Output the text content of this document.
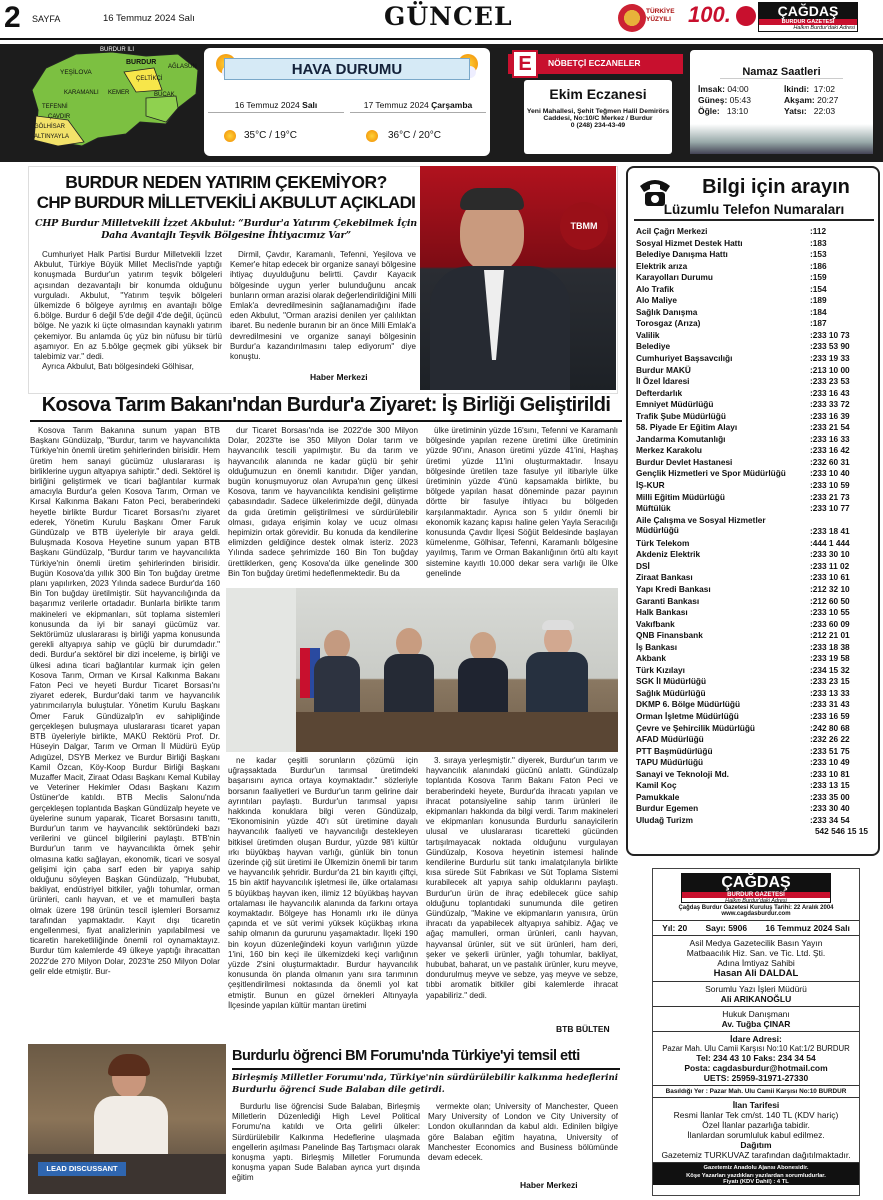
2 SAYFA	16 Temmuz 2024 Salı	GÜNCEL	TÜRKİYE YÜZYILI 100.	ÇAĞDAŞ
BURDUR GAZETESİ
Halkın Burdur'daki Adresi
BURDUR İLİ
YEŞİLOVA
BURDUR
AĞLASUN
ÇELTİKÇİ
KARAMANLI KEMER	BUCAK
TEFENNİ
ÇAVDIR
GÖLHİSAR
ALTINYAYLA
HAVA DURUMU
16 Temmuz 2024 Salı	17 Temmuz 2024 Çarşamba
35°C / 19°C	36°C / 20°C
E	NÖBETÇİ ECZANELER
Ekim Eczanesi
Yeni Mahallesi, Şehit Teğmen Halil Demirörs
Caddesi, No:10/C Merkez / Burdur
0 (248) 234-43-49
Namaz Saatleri
İmsak: 04:00
Güneş: 05:43
Öğle: 13:10
İkindi: 17:02
Akşam: 20:27
Yatsı: 22:03
TBMM
BURDUR NEDEN YATIRIM ÇEKEMİYOR?
CHP BURDUR MİLLETVEKİLİ AKBULUT AÇIKLADI
CHP Burdur Milletvekili İzzet Akbulut: “Burdur'a Yatırım Çekebilmek İçin Daha Avantajlı Teşvik Bölgesine İhtiyacımız Var”

Cumhuriyet Halk Partisi Burdur Milletvekili İzzet Akbulut, Türkiye Büyük Millet Meclisi'nde yaptığı konuşmada Burdur'un yatırım teşvik bölgeleri açısından dezavantajlı bir konumda olduğunu vurguladı. Akbulut, "Yatırım teşvik bölgeleri ülkemizde 6 bölgeye ayrılmış en avantajlı bölge 6.bölge. Burdur 6 değil 5'de değil 4'de değil, üçüncü bölge. Ne yazık ki üçte olmasından kaynaklı yatırım çekemiyor. Bu anlamda üç yüz bin nüfusu bir türlü aşamıyor. En az 5.bölge geçmek gibi yüksek bir talebimiz var." dedi.

Ayrıca Akbulut, Batı bölgesindeki Gölhisar,

Dirmil, Çavdır, Karamanlı, Tefenni, Yeşilova ve Kemer'e hitap edecek bir organize sanayi bölgesine ihtiyaç duyulduğunu belirtti. Çavdır Kayacık bölgesinde uygun yerler bulunduğunu ancak bunların orman arazisi olarak değerlendirildiğini Milli Emlak'a devredilmesinin sağlanamadığını ifade eden Akbulut, "Orman arazisi denilen yer çalılıktan ibaret. Bu nedenle buranın bir an önce Milli Emlak'a devredilmesini ve organize sanayi bölgesinin Burdur'a kazandırılmasını talep ediyorum" diye konuştu.

Haber Merkezi
Bilgi için arayın
Lüzumlu Telefon Numaraları
Acil Çağrı Merkezi	:112
Sosyal Hizmet Destek Hattı	:183
Belediye Danışma Hattı	:153
Elektrik arıza	:186
Karayolları Durumu	:159
Alo Trafik	:154
Alo Maliye	:189
Sağlık Danışma	:184
Torosgaz (Arıza)	:187
Valilik	:233 10 73
Belediye	:233 53 90
Cumhuriyet Başsavcılığı	:233 19 33
Burdur MAKÜ	:213 10 00
İl Özel İdaresi	:233 23 53
Defterdarlık	:233 16 43
Emniyet Müdürlüğü	:233 33 72
Trafik Şube Müdürlüğü	:233 16 39
58. Piyade Er Eğitim Alayı	:233 21 54
Jandarma Komutanlığı	:233 16 33
Merkez Karakolu	:233 16 42
Burdur Devlet Hastanesi	:232 60 31
Gençlik Hizmetleri ve Spor Müdürlüğü	:233 10 40
İŞ-KUR	:233 10 59
Milli Eğitim Müdürlüğü	:233 21 73
Müftülük	:233 10 77
Aile Çalışma ve Sosyal Hizmetler Müdürlüğü	:233 18 41
Türk Telekom	:444 1 444
Akdeniz Elektrik	:233 30 10
DSİ	:233 11 02
Ziraat Bankası	:233 10 61
Yapı Kredi Bankası	:212 32 10
Garanti Bankası	:212 60 50
Halk Bankası	:233 10 55
Vakıfbank	:233 60 09
QNB Finansbank	:212 21 01
İş Bankası	:233 18 38
Akbank	:233 19 58
Türk Kızılayı	:234 15 32
SGK İl Müdürlüğü	:233 23 15
Sağlık Müdürlüğü	:233 13 33
DKMP 6. Bölge Müdürlüğü	:233 31 43
Orman İşletme Müdürlüğü	:233 16 59
Çevre ve Şehircilik Müdürlüğü	:242 80 68
AFAD Müdürlüğü	:232 26 22
PTT Başmüdürlüğü	:233 51 75
TAPU Müdürlüğü	:233 10 49
Sanayi ve Teknoloji Md.	:233 10 81
Kamil Koç	:233 13 15
Pamukkale	:233 35 00
Burdur Egemen	:233 30 40
Uludağ Turizm	:233 34 54
542 546 15 15
ÇAĞDAŞ
BURDUR GAZETESİ
Halkın Burdur'daki Adresi
Çağdaş Burdur Gazetesi Kuruluş Tarihi: 22 Aralık 2004
www.cagdasburdur.com
Yıl: 20 Sayı: 5906 16 Temmuz 2024 Salı
Asil Medya Gazetecilik Basın Yayın
Matbaacılık Hiz. San. ve Tic. Ltd. Şti.
Adına İmtiyaz Sahibi
Hasan Ali DALDAL
Sorumlu Yazı İşleri Müdürü
Ali ARIKANOĞLU
Hukuk Danışmanı
Av. Tuğba ÇINAR
İdare Adresi:
Pazar Mah. Ulu Camii Karşısı No:10 Kat:1/2 BURDUR
Tel: 234 43 10 Faks: 234 34 54
Posta: cagdasburdur@hotmail.com
UETS: 25959-31971-27330
Basıldığı Yer : Pazar Mah. Ulu Camii Karşısı No:10 BURDUR
İlan Tarifesi
Resmi İlanlar Tek cm/st. 140 TL (KDV hariç)
Özel İlanlar pazarlığa tabidir.
İlanlardan sorumluluk kabul edilmez.
Dağıtım
Gazetemiz TURKUVAZ tarafından dağıtılmaktadır.
Gazetemiz Anadolu Ajansı Abonesidir.
Köşe Yazarları yazdıkları yazılardan sorumludurlar.
Fiyatı (KDV Dahil) : 4 TL
Kosova Tarım Bakanı'ndan Burdur'a Ziyaret: İş Birliği Geliştirildi

Kosova Tarım Bakanına sunum yapan BTB Başkanı Gündüzalp, "Burdur, tarım ve hayvancılıkta Türkiye'nin önemli üretim şehirlerinden birisidir. Hem üretim hem sanayi gücümüz uluslararası iş birliklerine uygun altyapıya sahiptir." dedi. Sektörel iş birliğini geliştirmek ve ticari bağlantılar kurmak amacıyla Burdur'a gelen Kosova Tarım, Orman ve Kırsal Kalkınma Bakanı Faton Peci, beraberindeki heyetle birlikte Burdur Ticaret Borsası'nı ziyaret ederek, Yönetim Kurulu Başkanı Ömer Faruk Gündüzalp ve BTB üyeleriyle bir araya geldi. Buluşmada Kosova Heyetine sunum yapan BTB Başkanı Gündüzalp, "Burdur tarım ve hayvancılıkta Türkiye'nin önemli üretim şehirlerinden birisidir. Bugün Kosova'da yıllık 300 Bin Ton buğday üretme planı yapılırken, 2023 Yılında sadece Burdur'da 160 Bin Ton buğday üretilmiştir. Süt hayvancılığında da başarımız verilerle ortadadır. Bunlarla birlikte tarım makineleri ve ekipmanları, süt toplama sistemleri konusunda da iyi bir sanayi gücümüz var. Sektörümüz uluslararası iş birliği yapma konusunda gerekli altyapıya sahip ve güçlü bir durumdadır." dedi. Burdur'a sektörel bir dizi inceleme, iş birliği ve ülkesi adına ticari bağlantılar kurmak için gelen Kosova Tarım, Orman ve Kırsal Kalkınma Bakanı Faton Peci ve heyeti Burdur Ticaret Borsası'nı ziyaret ederek, Burdur'daki tarım ve hayvancılık yatırımcılarıyla buluştular. Yönetim Kurulu Başkanı Ömer Faruk Gündüzalp'in ev sahipliğinde gerçekleşen buluşmaya uluslararası ticaret yapan BTB üyeleriyle birlikte, MAKÜ Rektörü Prof. Dr. Hüseyin Dalgar, Tarım ve Orman İl Müdürü Eyüp Adıgüzel, DSYB Merkez ve Burdur Birliği Başkanı Kamil Özcan, Köy-Koop Burdur Birliği Başkanı Muzaffer Macit, Ziraat Odası Başkanı Kemal Kubilay ve Veteriner Hekimler Odası Başkanı Kazım Üstüner'de katıldı. BTB Meclis Salonu'nda gerçekleşen toplantıda Başkan Gündüzalp heyete ve üyelerine sunum yaparak, Ticaret Borsasını tanıttı, Burdur'un tarım ve hayvancılık sektöründeki bazı verilerini ve güncel bilgilerini paylaştı. BTB'nin Burdur'un tarım ve hayvancılıkta örnek şehir olmasına katkı sağlayan, ekonomik, ticari ve sosyal gelişimi için çaba sarf eden bir yapıya sahip olduğunu söyleyen Başkan Gündüzalp, "Hububat, bakliyat, endüstriyel bitkiler, yağlı tohumlar, orman ürünleri, canlı hayvan, et ve et mamulleri başta olmak üzere 198 ürünün tescil işlemleri Borsamız tarafından yapmaktadır. Kayıt dışı ticaretin engellenmesi, fiyat analizlerinin yapılabilmesi ve ticaretin hareketliliğinde önemli rol oynamaktayız. Burdur tüm kalemlerde 49 ülkeye yaptığı ihracattan 2022'de 270 Milyon Dolar, 2023'te 250 Milyon Dolar gelir elde etmiştir. Bur-

dur Ticaret Borsası'nda ise 2022'de 300 Milyon Dolar, 2023'te ise 350 Milyon Dolar tarım ve hayvancılık tescili yapılmıştır. Bu da tarım ve hayvancılık alanında ne kadar güçlü bir şehir olduğumuzun en önemli kanıtıdır. Diğer yandan, bugün konuşmuyoruz olan Avrupa'nın genç ülkesi Kosova, tarım ve hayvancılıkta kendisini geliştirme çabasındadır. Sadece ülkelerimizde değil, dünyada da gıda üretimin geliştirilmesi ve sürdürülebilir olması, gıdaya erişimin kolay ve ucuz olması hepimizin ortak görevidir. Bu konuda da kendilerine elimizden geldiğince destek olmak isteriz. 2023 Yılında sadece şehrimizde 160 Bin Ton buğday ürettiklerken, genç Kosova'da ülke genelinde 300 Bin Ton buğday üretimi hedeflenmektedir. Bu da

ülke üretiminin yüzde 16'sını, Tefenni ve Karamanlı bölgesinde yapılan rezene üretimi ülke üretiminin yüzde 90'ını, Anason üretimi yüzde 41'ini, Haşhaş üretimi yüzde 11'ini oluşturmaktadır. İnsayu bölgesinde üretilen taze fasulye yıl itibariyle ülke üretiminin yüzde 4'ünü kapsamakla birlikte, bu bölgede yapılan hasat döneminde pazar payının dörtte bir fasulye ihtiyacı bu bölgeden karşılanmaktadır. Ayrıca son 5 yıldır önemli bir ekonomik kazanç kapısı haline gelen Yayla Seracılığı konusunda Çavdır İlçesi Söğüt Beldesinde başlayan kümelenme, Gölhisar, Tefenni, Karamanlı bölgesine yayılmış, Tarım ve Orman Bakanlığının örtü altı kayıt sistemine kayıtlı 10.000 dekar sera varlığı ile Ülke genelinde

ne kadar çeşitli sorunların çözümü için uğraşsaktada Burdur'un tarımsal üretimdeki başarısını ayrıca ortaya koymaktadır." sözleriyle borsanın faaliyetleri ve Burdur'un tarım gelirine dair ayrıntıları paylaştı. Burdur'un tarımsal yapısı hakkında konuklara bilgi veren Gündüzalp, "Ekonomisinin yüzde 40'ı süt üretimine dayalı hayvancılık faaliyeti ve hayvancılığı destekleyen bitkisel üretimden oluşan Burdur, yüzde 98'i kültür ırkı büyükbaş hayvan varlığı, günlük bin tonun üzerinde çiğ süt üretimi ile Ülkemizin önemli bir tarım ve hayvancılık şehridir. Burdur'da 21 bin kayıtlı çiftçi, 15 bin aktif hayvancılık işletmesi ile, ülke ortalaması 5 büyükbaş hayvan iken, ilimiz 12 büyükbaş hayvan ortalaması ile hayvancılık alanında da farkını ortaya koymaktadır. Bölgeye has Honamlı ırkı ile dünya çapında et ve süt verimi yüksek küçükbaş ırkına sahip olmanın da gururunu yaşamaktadır. İlçeki 190 bin koyun düzenleğindeki koyun varlığının yüzde 1'ini, 160 bin keçi ile ülkemizdeki keçi varlığının yüzde 2'sini oluşturmaktadır. Burdur hayvancılık konusunda ön planda olmanın yanı sıra tarımının çeşitlendirilmesi noktasında da önemli yol kat etmiştir. Bunun en güzel örnekleri Altınyayla İlçesinde yapılan kültür mantarı üretimi

3. sıraya yerleşmiştir." diyerek, Burdur'un tarım ve hayvancılık alanındaki gücünü anlattı. Gündüzalp toplantıda Kosova Tarım Bakanı Faton Peci ve beraberindeki heyete, Burdur'da ihracatı yapılan ve ihracat potansiyeline sahip tarım ürünleri ile ekipmanları hakkında da bilgi verdi. Tarım makineleri ve ekipmanları konusunda Burdurlu sanayicilerin ulusal ve uluslararası ticaretteki gücünden tartışılmayacak noktada olduğunu vurgulayan Gündüzalp, Kosova heyetinin istemesi halinde kendilerine Burdurlu süt tankı imalatçılarıyla birlikte kısa sürede Süt Fabrikası ve Süt Toplama Sistemi kurabilecek alt yapıya sahip olduklarını paylaştı. Burdur'un ürün de ihraç edebilecek güce sahip olduğunu toplantıdaki sunumunda dile getiren Gündüzalp, "Makine ve ekipmanların yanısıra, ürün ihracatı da yapabilecek altyapıya sahibiz. Ağaç ve ağaç mamulleri, orman ürünleri, canlı hayvan, hayvansal ürünler, süt ve süt ürünleri, ham deri, şeker ve şekerli ürünler, yağlı tohumlar, bakliyat, hububat, baharat, un ve pastalık ürünler, kuru meyve, dondurulmuş meyve ve sebze, yaş meyve ve sebze, tıbbi aromatik bitkiler gibi kalemlerde ihracat yapabiliriz." dedi.

BTB BÜLTEN
LEAD DISCUSSANT
Burdurlu öğrenci BM Forumu'nda Türkiye'yi temsil etti
Birleşmiş Milletler Forumu'nda, Türkiye'nin sürdürülebilir kalkınma hedeflerini Burdurlu öğrenci Sude Balaban dile getirdi.

Burdurlu lise öğrencisi Sude Balaban, Birleşmiş Milletlerin Düzenlediği High Level Political Forumu'na katıldı ve Orta gelirli ülkeler: Sürdürülebilir Kalkınma Hedeflerine ulaşmada engellerin aşılması Panelinde Baş Tartışmacı olarak konuşma yaptı. Birleşmiş Milletler Forumunda konuşma yapan Sude Balaban ayrıca yurt dışında eğitim

vermekte olan; University of Manchester, Queen Mary University of London ve City University of London okullarından da kabul aldı. Edinilen bilgiye göre Balaban eğitim hayatına, University of Manchester Economics and Business bölümünde devam edecek.

Haber Merkezi
